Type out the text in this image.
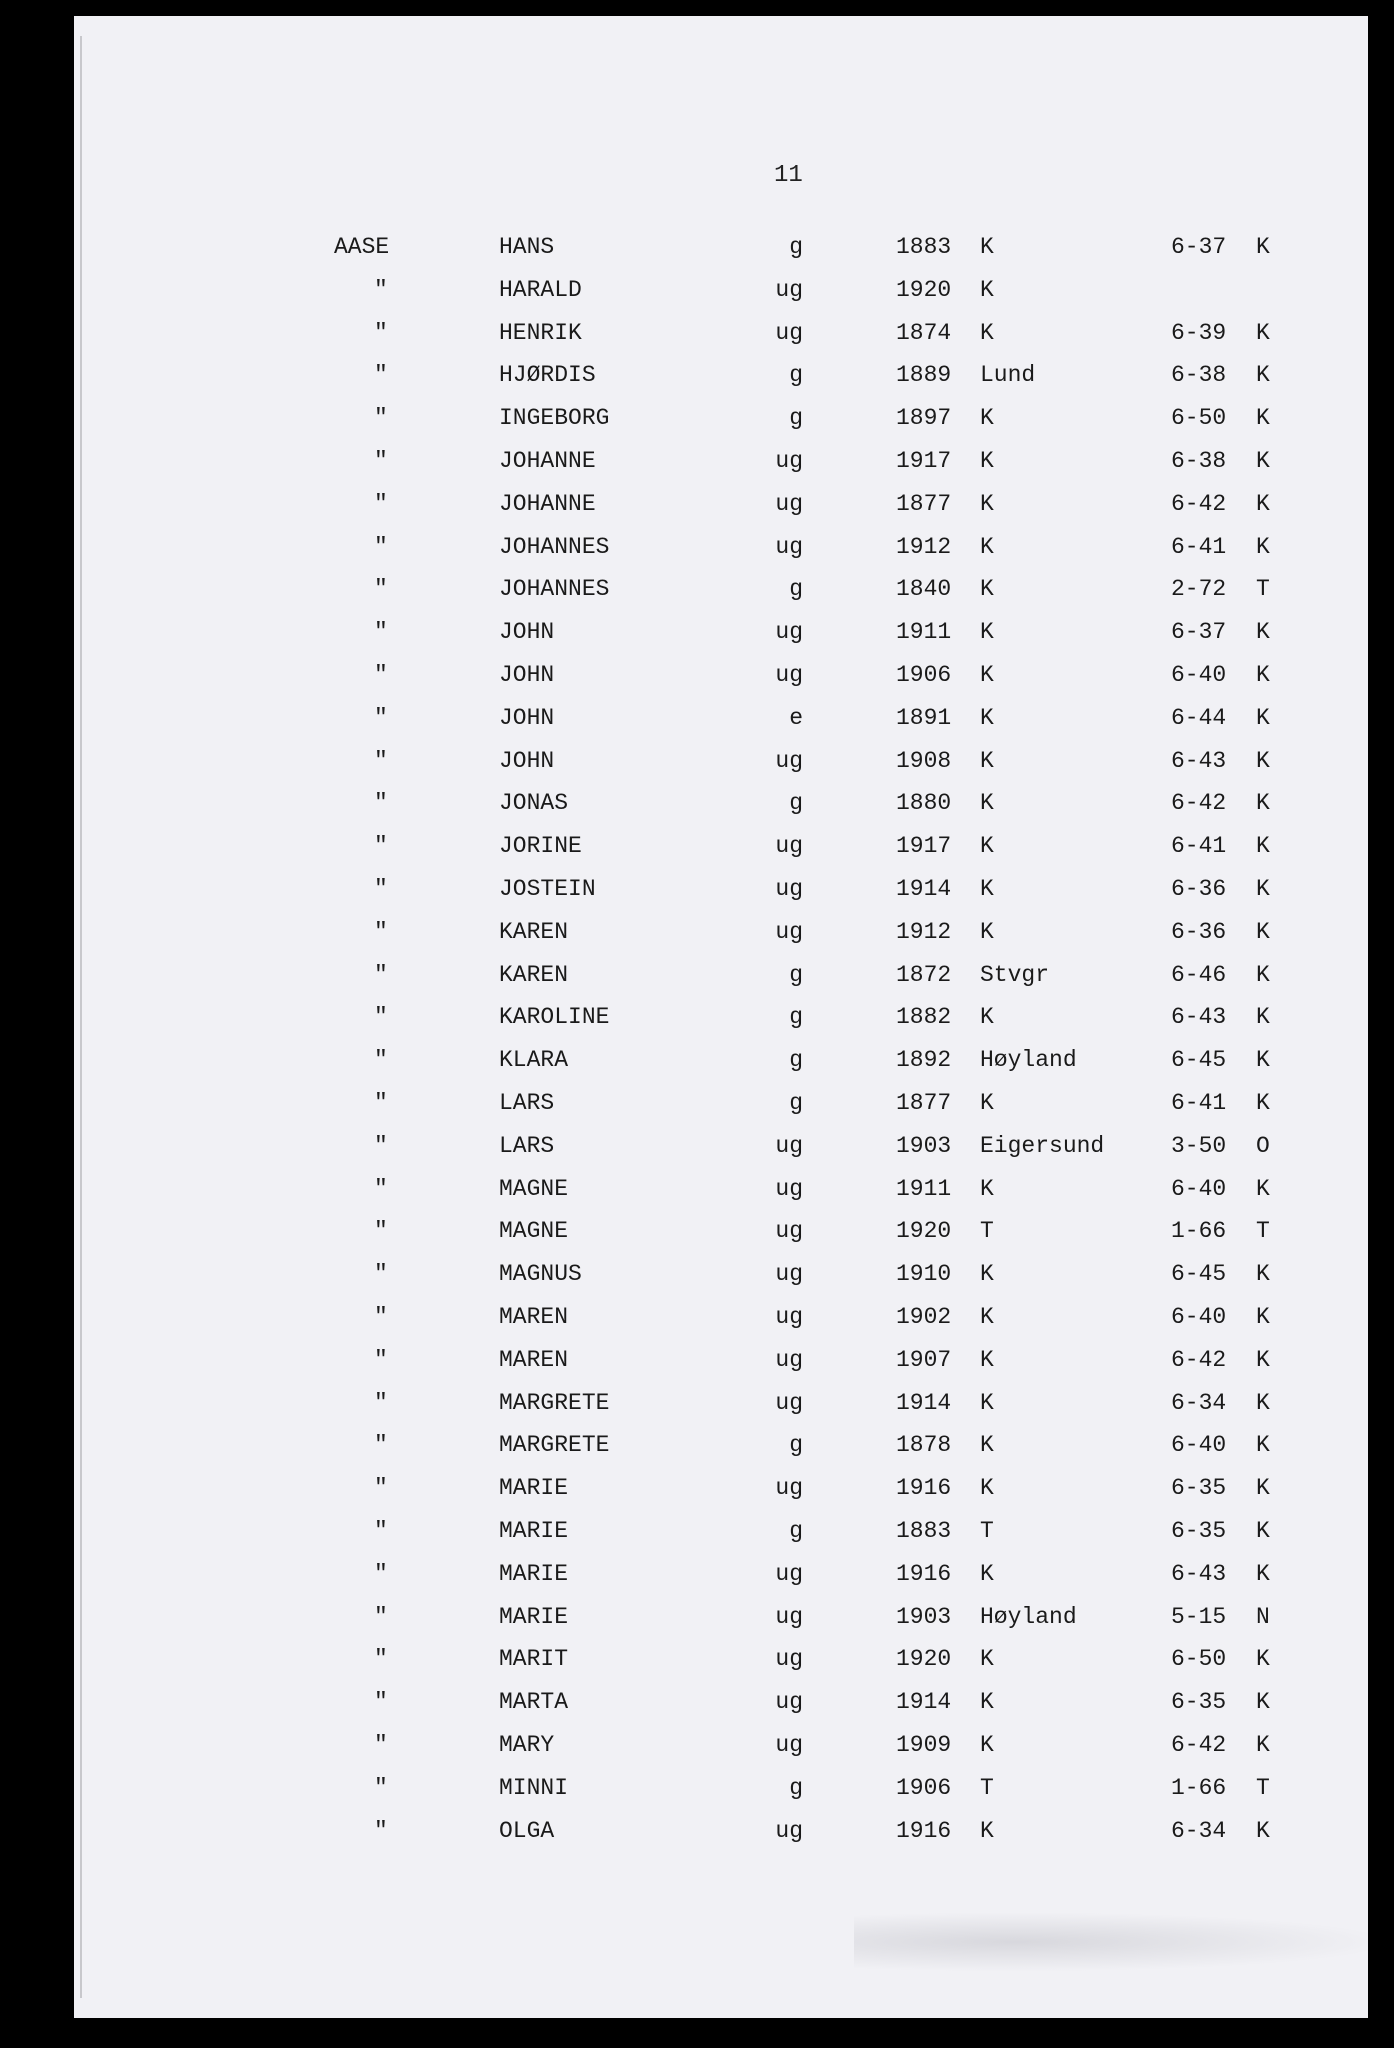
11
AASE	HANS	g	1883 K	6-37 K
"	HARALD	ug	1920 K
"	HENRIK	ug	1874 K	6-39 K
"	HJØRDIS	g	1889 Lund	6-38 K
"	INGEBORG	g	1897 K	6-50 K
"	JOHANNE	ug	1917 K	6-38 K
"	JOHANNE	ug	1877 K	6-42 K
"	JOHANNES	ug	1912 K	6-41 K
"	JOHANNES	g	1840 K	2-72 T
"	JOHN	ug	1911 K	6-37 K
"	JOHN	ug	1906 K	6-40 K
"	JOHN	e	1891 K	6-44 K
"	JOHN	ug	1908 K	6-43 K
"	JONAS	g	1880 K	6-42 K
"	JORINE	ug	1917 K	6-41 K
"	JOSTEIN	ug	1914 K	6-36 K
"	KAREN	ug	1912 K	6-36 K
"	KAREN	g	1872 Stvgr	6-46 K
"	KAROLINE	g	1882 K	6-43 K
"	KLARA	g	1892 Høyland	6-45 K
"	LARS	g	1877 K	6-41 K
"	LARS	ug	1903 Eigersund	3-50 O
"	MAGNE	ug	1911 K	6-40 K
"	MAGNE	ug	1920 T	1-66 T
"	MAGNUS	ug	1910 K	6-45 K
"	MAREN	ug	1902 K	6-40 K
"	MAREN	ug	1907 K	6-42 K
"	MARGRETE	ug	1914 K	6-34 K
"	MARGRETE	g	1878 K	6-40 K
"	MARIE	ug	1916 K	6-35 K
"	MARIE	g	1883 T	6-35 K
"	MARIE	ug	1916 K	6-43 K
"	MARIE	ug	1903 Høyland	5-15 N
"	MARIT	ug	1920 K	6-50 K
"	MARTA	ug	1914 K	6-35 K
"	MARY	ug	1909 K	6-42 K
"	MINNI	g	1906 T	1-66 T
"	OLGA	ug	1916 K	6-34 K
